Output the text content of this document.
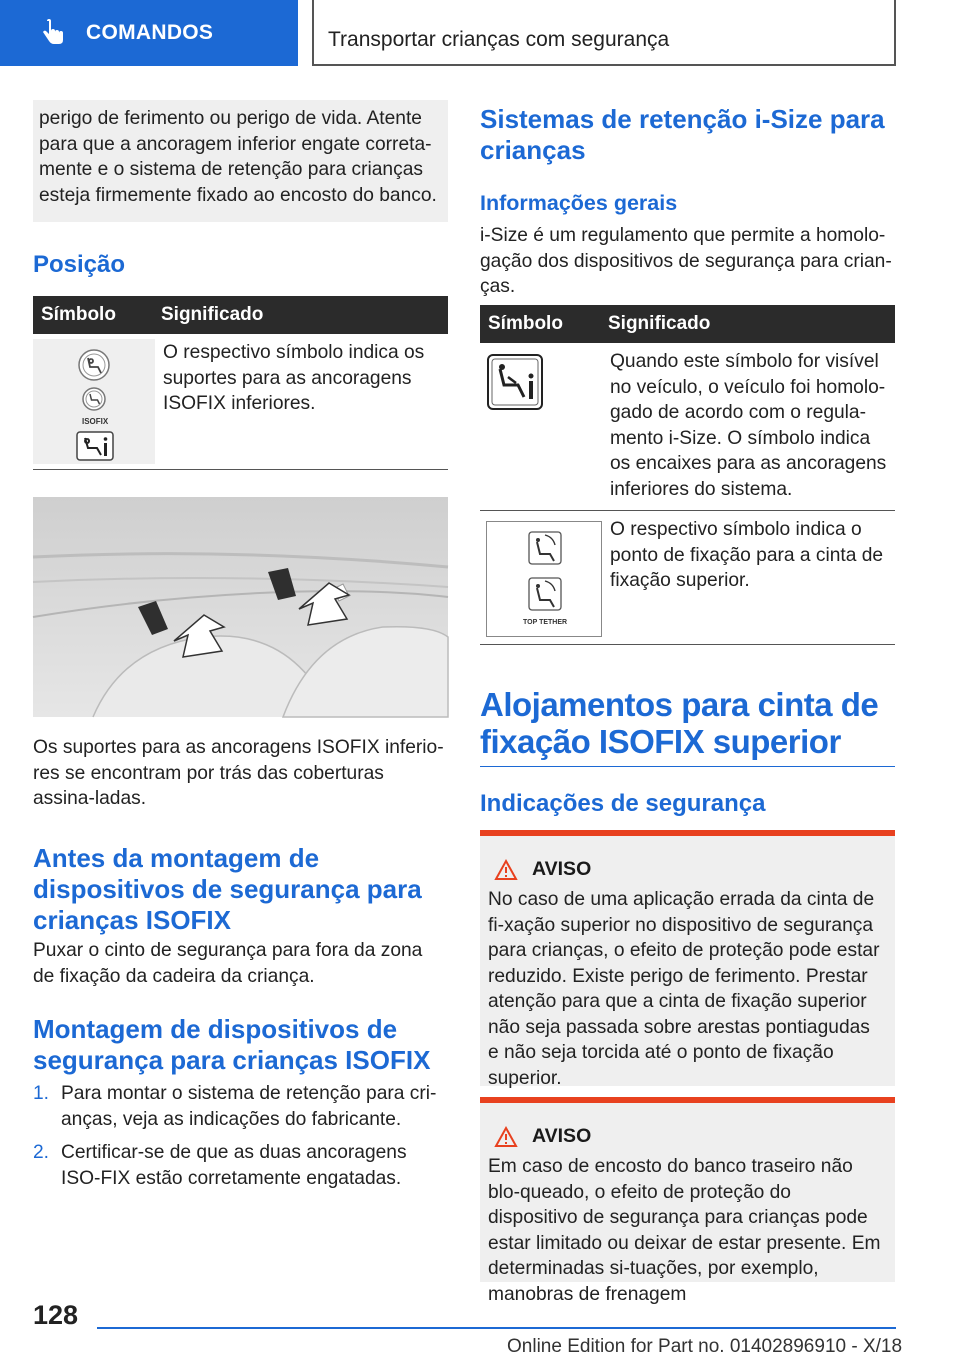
COMANDOS	Transportar crianças com segurança

perigo de ferimento ou perigo de vida. Atente para que a ancoragem inferior engate correta-mente e o sistema de retenção para crianças esteja firmemente fixado ao encosto do banco.

Posição
Símbolo	Significado
ISOFIX

O respectivo símbolo indica os suportes para as ancoragens ISOFIX inferiores.

Os suportes para as ancoragens ISOFIX inferio-res se encontram por trás das coberturas assina-ladas.

Antes da montagem de dispositivos de segurança para crianças ISOFIX

Puxar o cinto de segurança para fora da zona de fixação da cadeira da criança.

Montagem de dispositivos de segurança para crianças ISOFIX
1. Para montar o sistema de retenção para cri-anças, veja as indicações do fabricante.
2. Certificar-se de que as duas ancoragens ISO-FIX estão corretamente engatadas.
Sistemas de retenção i-Size para crianças
Informações gerais

i-Size é um regulamento que permite a homolo-gação dos dispositivos de segurança para crian-ças.

Símbolo	Significado

Quando este símbolo for visível no veículo, o veículo foi homolo-gado de acordo com o regula-mento i-Size. O símbolo indica os encaixes para as ancoragens inferiores do sistema.

TOP TETHER

O respectivo símbolo indica o ponto de fixação para a cinta de fixação superior.

Alojamentos para cinta de fixação ISOFIX superior
Indicações de segurança
AVISO

No caso de uma aplicação errada da cinta de fi-xação superior no dispositivo de segurança para crianças, o efeito de proteção pode estar reduzido. Existe perigo de ferimento. Prestar atenção para que a cinta de fixação superior não seja passada sobre arestas pontiagudas e não seja torcida até o ponto de fixação superior.

AVISO

Em caso de encosto do banco traseiro não blo-queado, o efeito de proteção do dispositivo de segurança para crianças pode estar limitado ou deixar de estar presente. Em determinadas si-tuações, por exemplo, manobras de frenagem

128
Online Edition for Part no. 01402896910 - X/18
